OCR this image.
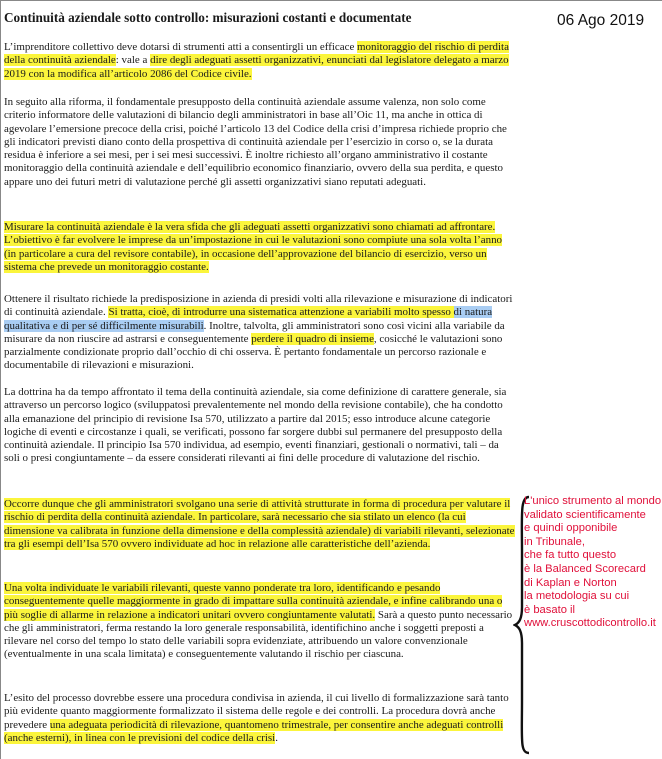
Continuità aziendale sotto controllo: misurazioni costanti e documentate	06 Ago 2019

L’imprenditore collettivo deve dotarsi di strumenti atti a consentirgli un efficace monitoraggio del rischio di perdita della continuità aziendale: vale a dire degli adeguati assetti organizzativi, enunciati dal legislatore delegato a marzo 2019 con la modifica all’articolo 2086 del Codice civile.

In seguito alla riforma, il fondamentale presupposto della continuità aziendale assume valenza, non solo come criterio informatore delle valutazioni di bilancio degli amministratori in base all’Oic 11, ma anche in ottica di agevolare l’emersione precoce della crisi, poiché l’articolo 13 del Codice della crisi d’impresa richiede proprio che gli indicatori previsti diano conto della prospettiva di continuità aziendale per l’esercizio in corso o, se la durata residua è inferiore a sei mesi, per i sei mesi successivi. È inoltre richiesto all’organo amministrativo il costante monitoraggio della continuità aziendale e dell’equilibrio economico finanziario, ovvero della sua perdita, e questo appare uno dei futuri metri di valutazione perché gli assetti organizzativi siano reputati adeguati.

Misurare la continuità aziendale è la vera sfida che gli adeguati assetti organizzativi sono chiamati ad affrontare. L’obiettivo è far evolvere le imprese da un’impostazione in cui le valutazioni sono compiute una sola volta l’anno (in particolare a cura del revisore contabile), in occasione dell’approvazione del bilancio di esercizio, verso un sistema che prevede un monitoraggio costante.

Ottenere il risultato richiede la predisposizione in azienda di presidi volti alla rilevazione e misurazione di indicatori di continuità aziendale. Si tratta, cioè, di introdurre una sistematica attenzione a variabili molto spesso di natura qualitativa e di per sé difficilmente misurabili. Inoltre, talvolta, gli amministratori sono così vicini alla variabile da misurare da non riuscire ad astrarsi e conseguentemente perdere il quadro di insieme, cosicché le valutazioni sono parzialmente condizionate proprio dall’occhio di chi osserva. È pertanto fondamentale un percorso razionale e documentabile di rilevazioni e misurazioni.

La dottrina ha da tempo affrontato il tema della continuità aziendale, sia come definizione di carattere generale, sia attraverso un percorso logico (sviluppatosi prevalentemente nel mondo della revisione contabile), che ha condotto alla emanazione del principio di revisione Isa 570, utilizzato a partire dal 2015; esso introduce alcune categorie logiche di eventi e circostanze i quali, se verificati, possono far sorgere dubbi sul permanere del presupposto della continuità aziendale. Il principio Isa 570 individua, ad esempio, eventi finanziari, gestionali o normativi, tali – da soli o presi congiuntamente – da essere considerati rilevanti ai fini delle procedure di valutazione del rischio.

Occorre dunque che gli amministratori svolgano una serie di attività strutturate in forma di procedura per valutare il rischio di perdita della continuità aziendale. In particolare, sarà necessario che sia stilato un elenco (la cui dimensione va calibrata in funzione della dimensione e della complessità aziendale) di variabili rilevanti, selezionate tra gli esempi dell’Isa 570 ovvero individuate ad hoc in relazione alle caratteristiche dell’azienda.

Una volta individuate le variabili rilevanti, queste vanno ponderate tra loro, identificando e pesando conseguentemente quelle maggiormente in grado di impattare sulla continuità aziendale, e infine calibrando una o più soglie di allarme in relazione a indicatori unitari ovvero congiuntamente valutati. Sarà a questo punto necessario che gli amministratori, ferma restando la loro generale responsabilità, identifichino anche i soggetti preposti a rilevare nel corso del tempo lo stato delle variabili sopra evidenziate, attribuendo un valore convenzionale (eventualmente in una scala limitata) e conseguentemente valutando il rischio per ciascuna.

L’esito del processo dovrebbe essere una procedura condivisa in azienda, il cui livello di formalizzazione sarà tanto più evidente quanto maggiormente formalizzato il sistema delle regole e dei controlli. La procedura dovrà anche prevedere una adeguata periodicità di rilevazione, quantomeno trimestrale, per consentire anche adeguati controlli (anche esterni), in linea con le previsioni del codice della crisi.

L'unico strumento al mondo
validato scientificamente
e quindi opponibile
in Tribunale,
che fa tutto questo
è la Balanced Scorecard
di Kaplan e Norton
la metodologia su cui
è basato il
www.cruscottodicontrollo.it
